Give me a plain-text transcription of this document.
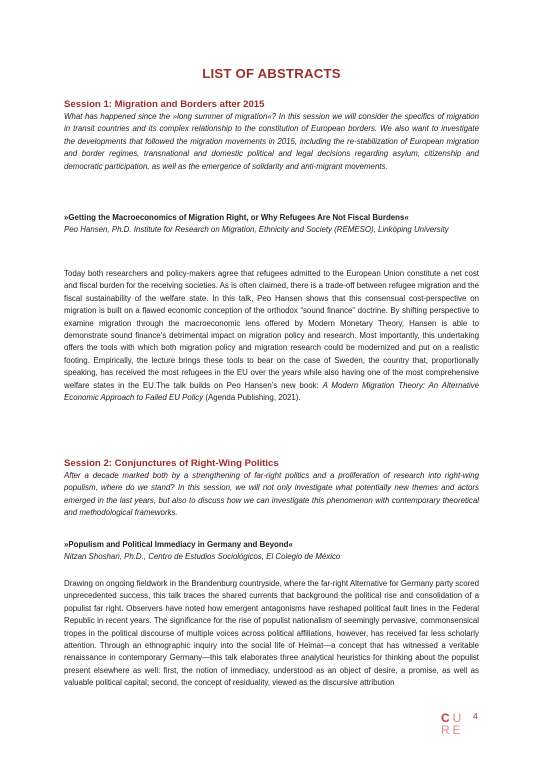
LIST OF ABSTRACTS

Session 1: Migration and Borders after 2015

What has happened since the »long summer of migration«? In this session we will consider the specifics of migration in transit countries and its complex relationship to the constitution of European borders. We also want to investigate the developments that followed the migration movements in 2015, including the re-stabilization of European migration and border regimes, transnational and domestic political and legal decisions regarding asylum, citizenship and democratic participation, as well as the emergence of solidarity and anti-migrant movements.

»Getting the Macroeconomics of Migration Right, or Why Refugees Are Not Fiscal Burdens«

Peo Hansen, Ph.D. Institute for Research on Migration, Ethnicity and Society (REMESO), Linköping University

Today both researchers and policy-makers agree that refugees admitted to the European Union constitute a net cost and fiscal burden for the receiving societies. As is often claimed, there is a trade-off between refugee migration and the fiscal sustainability of the welfare state. In this talk, Peo Hansen shows that this consensual cost-perspective on migration is built on a flawed economic conception of the orthodox “sound finance” doctrine. By shifting perspective to examine migration through the macroeconomic lens offered by Modern Monetary Theory, Hansen is able to demonstrate sound finance’s detrimental impact on migration policy and research. Most importantly, this undertaking offers the tools with which both migration policy and migration research could be modernized and put on a realistic footing. Empirically, the lecture brings these tools to bear on the case of Sweden, the country that, proportionally speaking, has received the most refugees in the EU over the years while also having one of the most comprehensive welfare states in the EU.The talk builds on Peo Hansen’s new book: A Modern Migration Theory: An Alternative Economic Approach to Failed EU Policy (Agenda Publishing, 2021).

Session 2: Conjunctures of Right-Wing Politics

After a decade marked both by a strengthening of far-right politics and a proliferation of research into right-wing populism, where do we stand? In this session, we will not only investigate what potentially new themes and actors emerged in the last years, but also to discuss how we can investigate this phenomenon with contemporary theoretical and methodological frameworks.

»Populism and Political Immediacy in Germany and Beyond«

Nitzan Shoshan, Ph.D., Centro de Estudios Sociológicos, El Colegio de México

Drawing on ongoing fieldwork in the Brandenburg countryside, where the far-right Alternative for Germany party scored unprecedented success, this talk traces the shared currents that background the political rise and consolidation of a populist far right. Observers have noted how emergent antagonisms have reshaped political fault lines in the Federal Republic in recent years. The significance for the rise of populist nationalism of seemingly pervasive, commonsensical tropes in the political discourse of multiple voices across political affiliations, however, has received far less scholarly attention. Through an ethnographic inquiry into the social life of Heimat—a concept that has witnessed a veritable renaissance in contemporary Germany—this talk elaborates three analytical heuristics for thinking about the populist present elsewhere as well: first, the notion of immediacy, understood as an object of desire, a promise, as well as valuable political capital; second, the concept of residuality, viewed as the discursive attribution

C U
R E
4
